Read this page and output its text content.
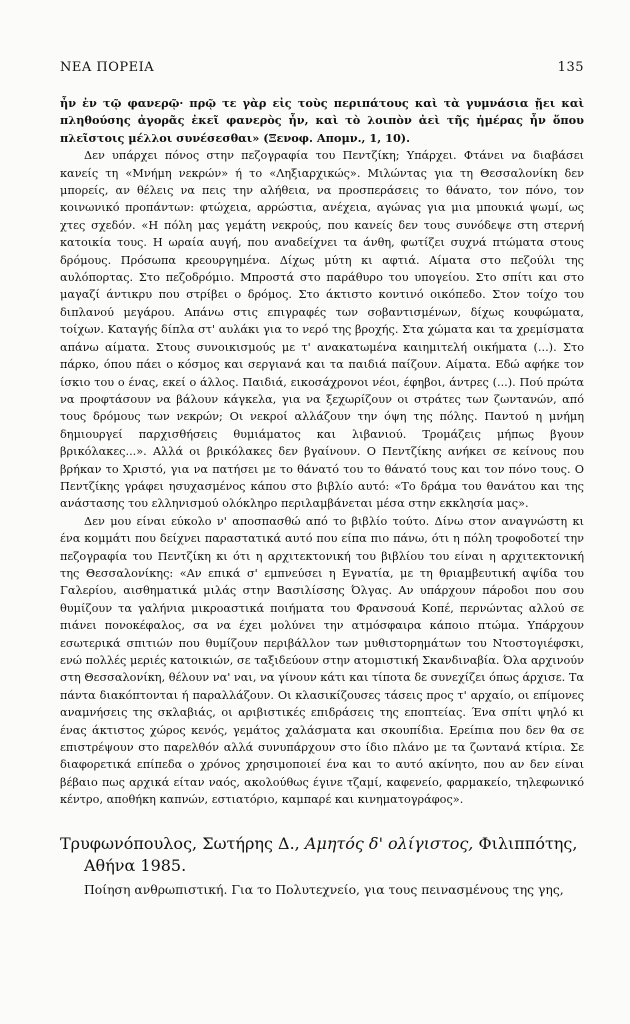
ΝΕΑ ΠΟΡΕΙΑ	135

ἦν ἐν τῷ φανερῷ· πρῷ τε γὰρ εἰς τοὺς περιπάτους καὶ τὰ γυμνάσια ᾔει καὶ πληθούσης ἀγορᾶς ἐκεῖ φανερὸς ἦν, καὶ τὸ λοιπὸν ἀεὶ τῆς ἡμέρας ἦν ὅπου πλεῖστοις μέλλοι συνέσεσθαι» (Ξενοφ. Απομν., 1, 10).

Δεν υπάρχει πόνος στην πεζογραφία του Πεντζίκη; Υπάρχει. Φτάνει να διαβάσει κανείς τη «Μνήμη νεκρών» ή το «Ληξιαρχικώς». Μιλώντας για τη Θεσσαλονίκη δεν μπορείς, αν θέλεις να πεις την αλήθεια, να προσπεράσεις το θάνατο, τον πόνο, τον κοινωνικό προπάντων: φτώχεια, αρρώστια, ανέχεια, αγώνας για μια μπουκιά ψωμί, ως χτες σχεδόν. «Η πόλη μας γεμάτη νεκρούς, που κανείς δεν τους συνόδεψε στη στερνή κατοικία τους. Η ωραία αυγή, που αναδείχνει τα άνθη, φωτίζει συχνά πτώματα στους δρόμους. Πρόσωπα κρεουργημένα. Δίχως μύτη κι αφτιά. Αίματα στο πεζούλι της αυλόπορτας. Στο πεζοδρόμιο. Μπροστά στο παράθυρο του υπογείου. Στο σπίτι και στο μαγαζί άντικρυ που στρίβει ο δρόμος. Στο άκτιστο κοντινό οικόπεδο. Στον τοίχο του διπλανού μεγάρου. Απάνω στις επιγραφές των σοβαντισμένων, δίχως κουφώματα, τοίχων. Καταγής δίπλα στ' αυλάκι για το νερό της βροχής. Στα χώματα και τα χρεμίσματα απάνω αίματα. Στους συνοικισμούς με τ' ανακατωμένα καιημιτελή οικήματα (...). Στο πάρκο, όπου πάει ο κόσμος και σεργιανά και τα παιδιά παίζουν. Αίματα. Εδώ αφήκε τον ίσκιο του ο ένας, εκεί ο άλλος. Παιδιά, εικοσάχρονοι νέοι, έφηβοι, άντρες (...). Πού πρώτα να προφτάσουν να βάλουν κάγκελα, για να ξεχωρίζουν οι στράτες των ζωντανών, από τους δρόμους των νεκρών; Οι νεκροί αλλάζουν την όψη της πόλης. Παντού η μνήμη δημιουργεί παρχισθήσεις θυμιάματος και λιβανιού. Τρομάζεις μήπως βγουν βρικόλακες...». Αλλά οι βρικόλακες δεν βγαίνουν. Ο Πεντζίκης ανήκει σε κείνους που βρήκαν το Χριστό, για να πατήσει με το θάνατό του το θάνατό τους και τον πόνο τους. Ο Πεντζίκης γράφει ησυχασμένος κάπου στο βιβλίο αυτό: «Το δράμα του θανάτου και της ανάστασης του ελληνισμού ολόκληρο περιλαμβάνεται μέσα στην εκκλησία μας».

Δεν μου είναι εύκολο ν' αποσπασθώ από το βιβλίο τούτο. Δίνω στον αναγνώστη κι ένα κομμάτι που δείχνει παραστατικά αυτό που είπα πιο πάνω, ότι η πόλη τροφοδοτεί την πεζογραφία του Πεντζίκη κι ότι η αρχιτεκτονική του βιβλίου του είναι η αρχιτεκτονική της Θεσσαλονίκης: «Αν επικά σ' εμπνεύσει η Εγνατία, με τη θριαμβευτική αψίδα του Γαλερίου, αισθηματικά μιλάς στην Βασιλίσσης Όλγας. Αν υπάρχουν πάροδοι που σου θυμίζουν τα γαλήνια μικροαστικά ποιήματα του Φρανσουά Κοπέ, περνώντας αλλού σε πιάνει πονοκέφαλος, σα να έχει μολύνει την ατμόσφαιρα κάποιο πτώμα. Υπάρχουν εσωτερικά σπιτιών που θυμίζουν περιβάλλον των μυθιστορημάτων του Ντοστογιέφσκι, ενώ πολλές μεριές κατοικιών, σε ταξιδεύουν στην ατομιστική Σκανδιναβία. Όλα αρχινούν στη Θεσσαλονίκη, θέλουν να' ναι, να γίνουν κάτι και τίποτα δε συνεχίζει όπως άρχισε. Τα πάντα διακόπτονται ή παραλλάζουν. Οι κλασικίζουσες τάσεις προς τ' αρχαίο, οι επίμονες αναμνήσεις της σκλαβιάς, οι αριβιστικές επιδράσεις της εποπτείας. Ένα σπίτι ψηλό κι ένας άκτιστος χώρος κενός, γεμάτος χαλάσματα και σκουπίδια. Ερείπια που δεν θα σε επιστρέψουν στο παρελθόν αλλά συνυπάρχουν στο ίδιο πλάνο με τα ζωντανά κτίρια. Σε διαφορετικά επίπεδα ο χρόνος χρησιμοποιεί ένα και το αυτό ακίνητο, που αν δεν είναι βέβαιο πως αρχικά είταν ναός, ακολούθως έγινε τζαμί, καφενείο, φαρμακείο, τηλεφωνικό κέντρο, αποθήκη καπνών, εστιατόριο, καμπαρέ και κινηματογράφος».

Τρυφωνόπουλος, Σωτήρης Δ., Αμητός δ' ολίγιστος, Φιλιππότης, Αθήνα 1985.

Ποίηση ανθρωπιστική. Για το Πολυτεχνείο, για τους πεινασμένους της γης,
